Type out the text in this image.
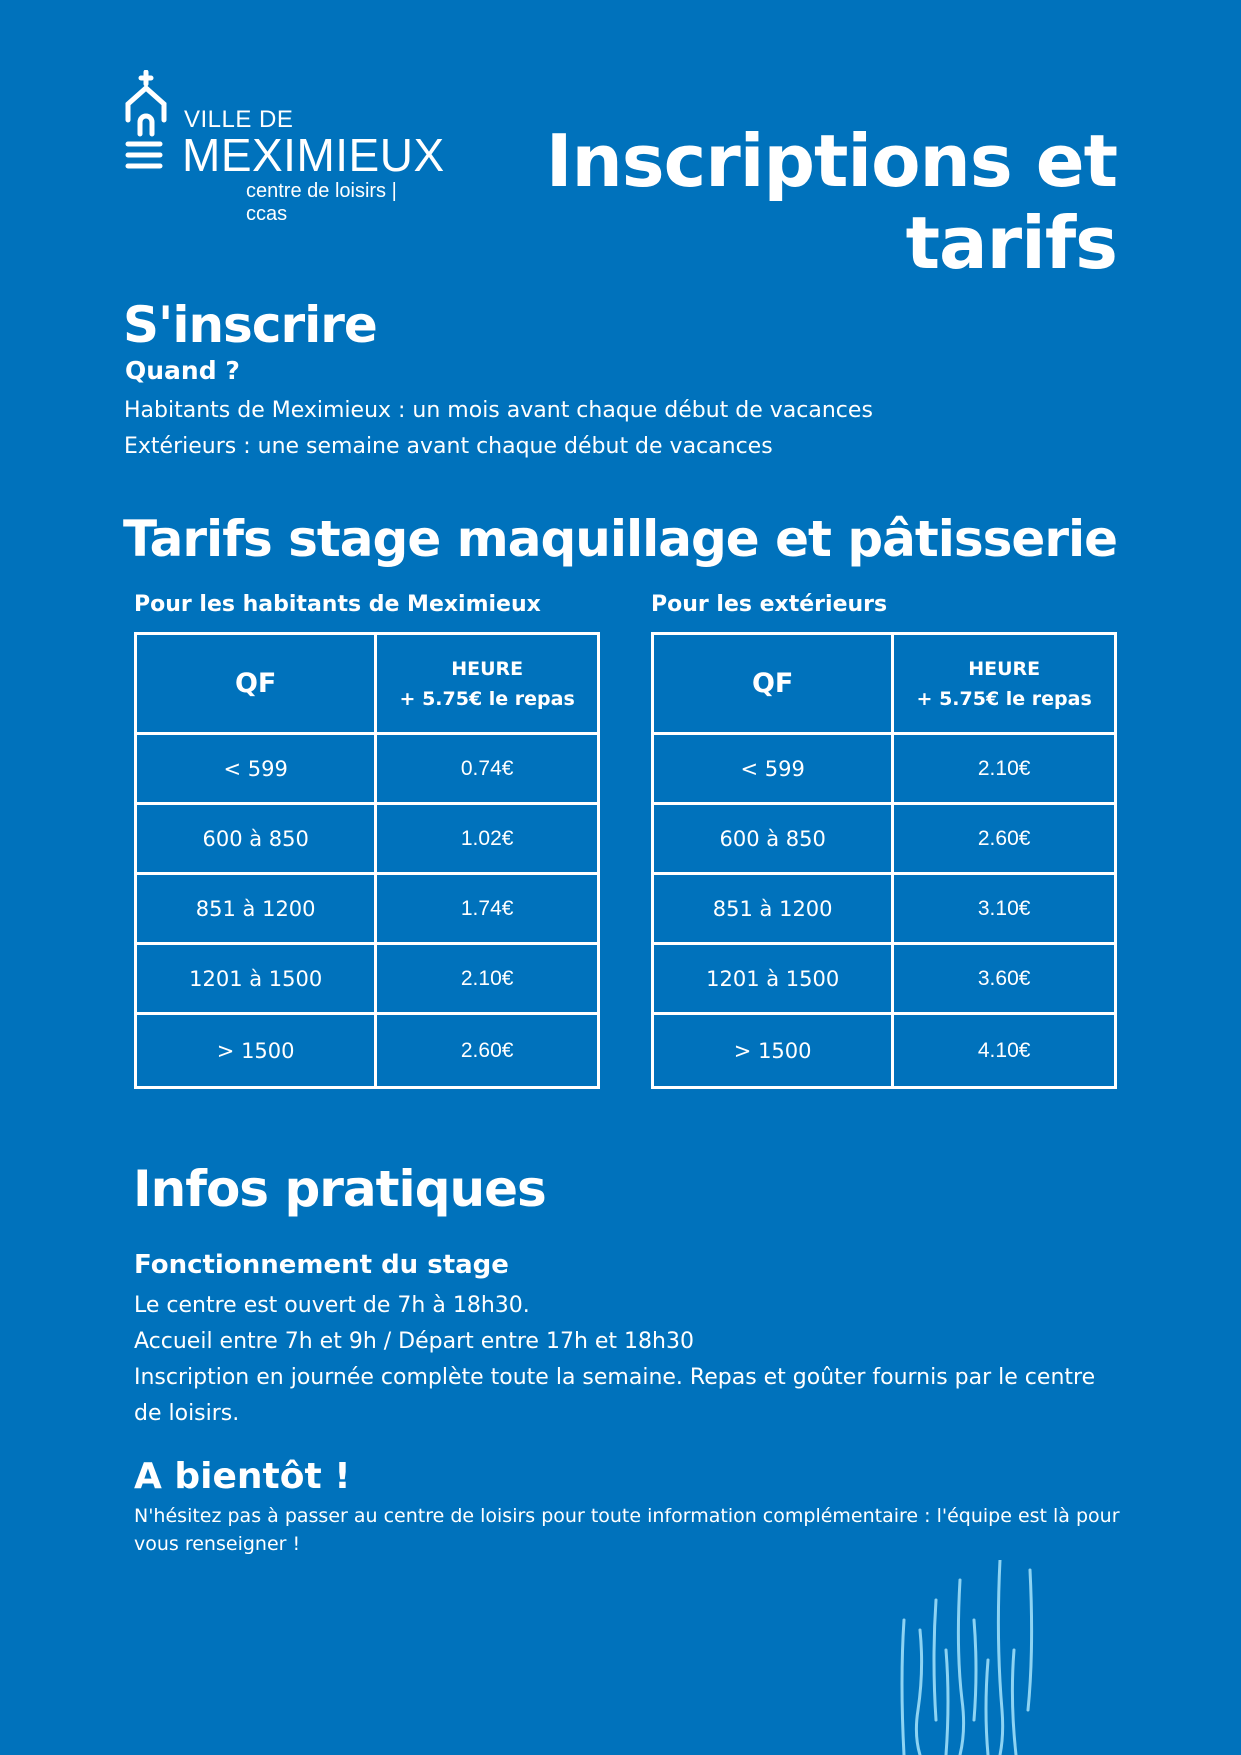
VILLE DE
MEXIMIEUX
centre de loisirs | ccas
Inscriptions et
tarifs
S'inscrire
Quand ?

Habitants de Meximieux : un mois avant chaque début de vacances

Extérieurs : une semaine avant chaque début de vacances

Tarifs stage maquillage et pâtisserie
Pour les habitants de Meximieux	Pour les extérieurs
QF	HEURE
+ 5.75€ le repas

< 599	0.74€
600 à 850	1.02€
851 à 1200	1.74€
1201 à 1500	2.10€
> 1500	2.60€
QF	HEURE
+ 5.75€ le repas

< 599	2.10€
600 à 850	2.60€
851 à 1200	3.10€
1201 à 1500	3.60€
> 1500	4.10€
Infos pratiques
Fonctionnement du stage

Le centre est ouvert de 7h à 18h30.

Accueil entre 7h et 9h / Départ entre 17h et 18h30

Inscription en journée complète toute la semaine. Repas et goûter fournis par le centre de loisirs.

A bientôt !

N'hésitez pas à passer au centre de loisirs pour toute information complémentaire : l'équipe est là pour vous renseigner !
